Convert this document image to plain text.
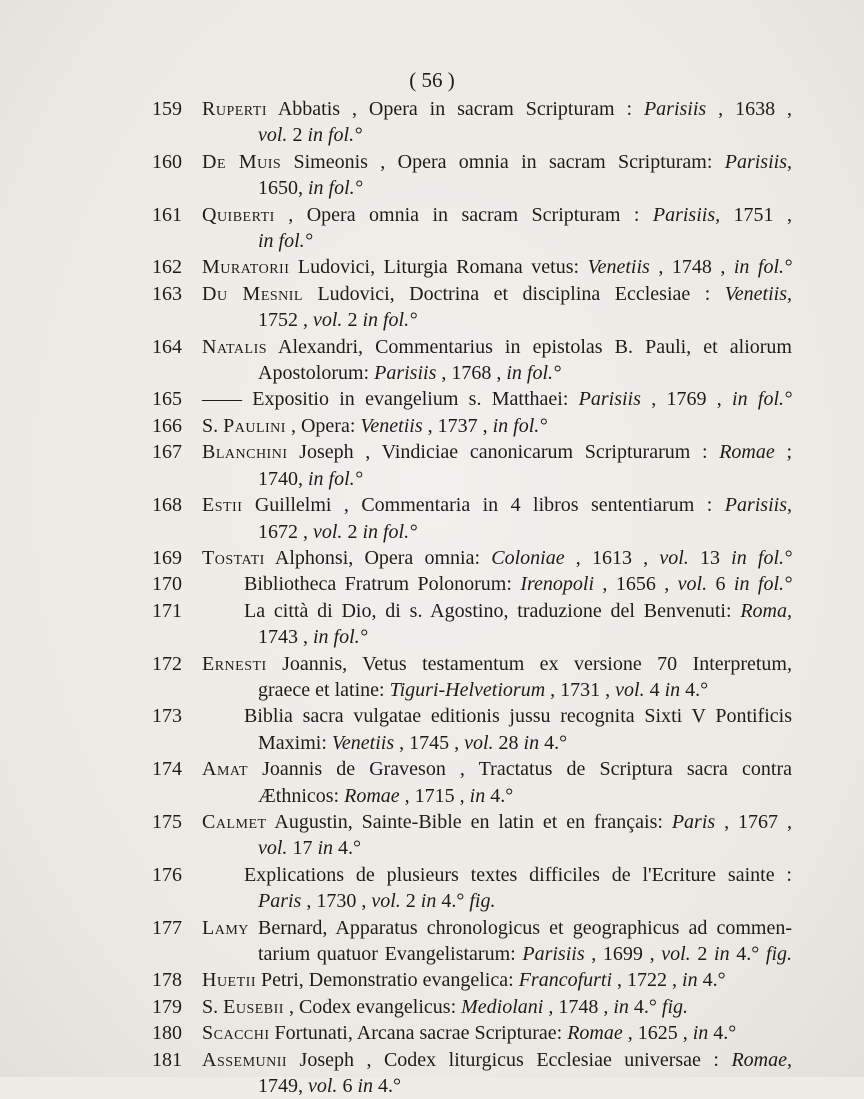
( 56 )
159	Ruperti Abbatis , Opera in sacram Scripturam : Parisiis , 1638 ,
vol. 2 in fol.°
160	De Muis Simeonis , Opera omnia in sacram Scripturam: Parisiis,
1650, in fol.°
161	Quiberti , Opera omnia in sacram Scripturam : Parisiis, 1751 ,
in fol.°
162	Muratorii Ludovici, Liturgia Romana vetus: Venetiis , 1748 , in fol.°
163	Du Mesnil Ludovici, Doctrina et disciplina Ecclesiae : Venetiis,
1752 , vol. 2 in fol.°
164	Natalis Alexandri, Commentarius in epistolas B. Pauli, et aliorum
Apostolorum: Parisiis , 1768 , in fol.°
165	—— Expositio in evangelium s. Matthaei: Parisiis , 1769 , in fol.°
166	S. Paulini , Opera: Venetiis , 1737 , in fol.°
167	Blanchini Joseph , Vindiciae canonicarum Scripturarum : Romae ;
1740, in fol.°
168	Estii Guillelmi , Commentaria in 4 libros sententiarum : Parisiis,
1672 , vol. 2 in fol.°
169	Tostati Alphonsi, Opera omnia: Coloniae , 1613 , vol. 13 in fol.°
170	Bibliotheca Fratrum Polonorum: Irenopoli , 1656 , vol. 6 in fol.°
171	La città di Dio, di s. Agostino, traduzione del Benvenuti: Roma,
1743 , in fol.°
172	Ernesti Joannis, Vetus testamentum ex versione 70 Interpretum,
graece et latine: Tiguri-Helvetiorum , 1731 , vol. 4 in 4.°
173	Biblia sacra vulgatae editionis jussu recognita Sixti V Pontificis
Maximi: Venetiis , 1745 , vol. 28 in 4.°
174	Amat Joannis de Graveson , Tractatus de Scriptura sacra contra
Æthnicos: Romae , 1715 , in 4.°
175	Calmet Augustin, Sainte-Bible en latin et en français: Paris , 1767 ,
vol. 17 in 4.°
176	Explications de plusieurs textes difficiles de l'Ecriture sainte :
Paris , 1730 , vol. 2 in 4.° fig.
177	Lamy Bernard, Apparatus chronologicus et geographicus ad commen-
tarium quatuor Evangelistarum: Parisiis , 1699 , vol. 2 in 4.° fig.
178	Huetii Petri, Demonstratio evangelica: Francofurti , 1722 , in 4.°
179	S. Eusebii , Codex evangelicus: Mediolani , 1748 , in 4.° fig.
180	Scacchi Fortunati, Arcana sacrae Scripturae: Romae , 1625 , in 4.°
181	Assemunii Joseph , Codex liturgicus Ecclesiae universae : Romae,
1749, vol. 6 in 4.°
